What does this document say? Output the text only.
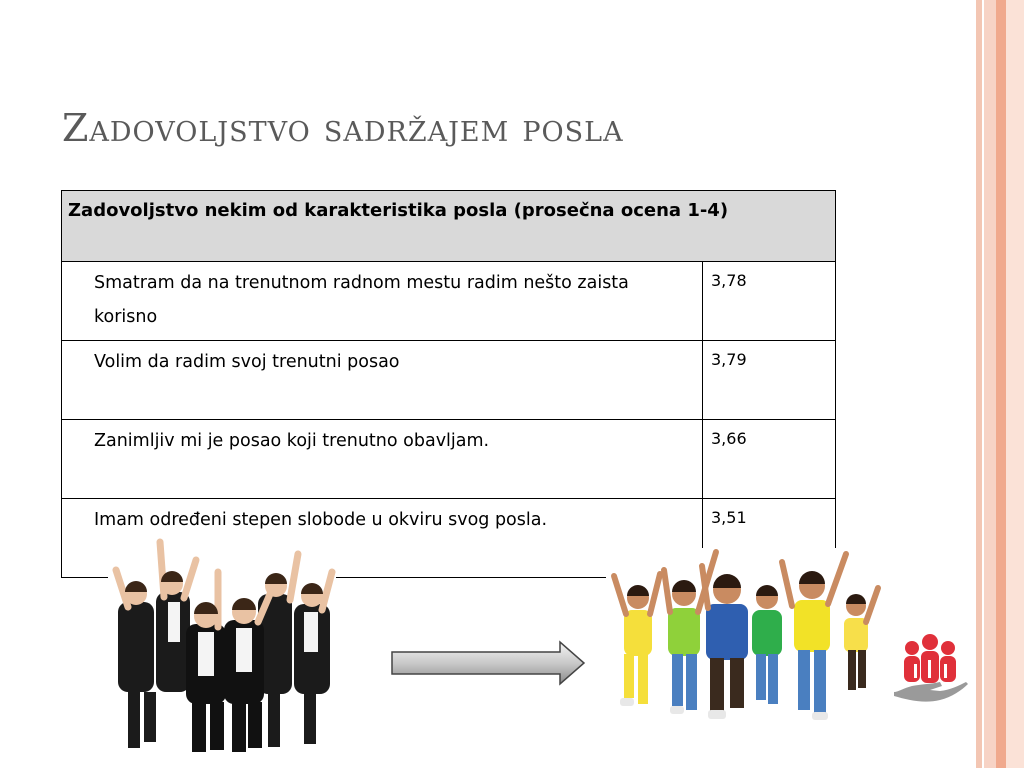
Zadovoljstvo sadržajem posla
Zadovoljstvo nekim od karakteristika posla (prosečna ocena 1-4)	
Smatram da na trenutnom radnom mestu radim nešto zaista korisno	3,78
Volim da radim svoj trenutni posao	3,79
Zanimljiv mi je posao koji trenutno obavljam.	3,66
Imam određeni stepen slobode u okviru svog posla.	3,51
